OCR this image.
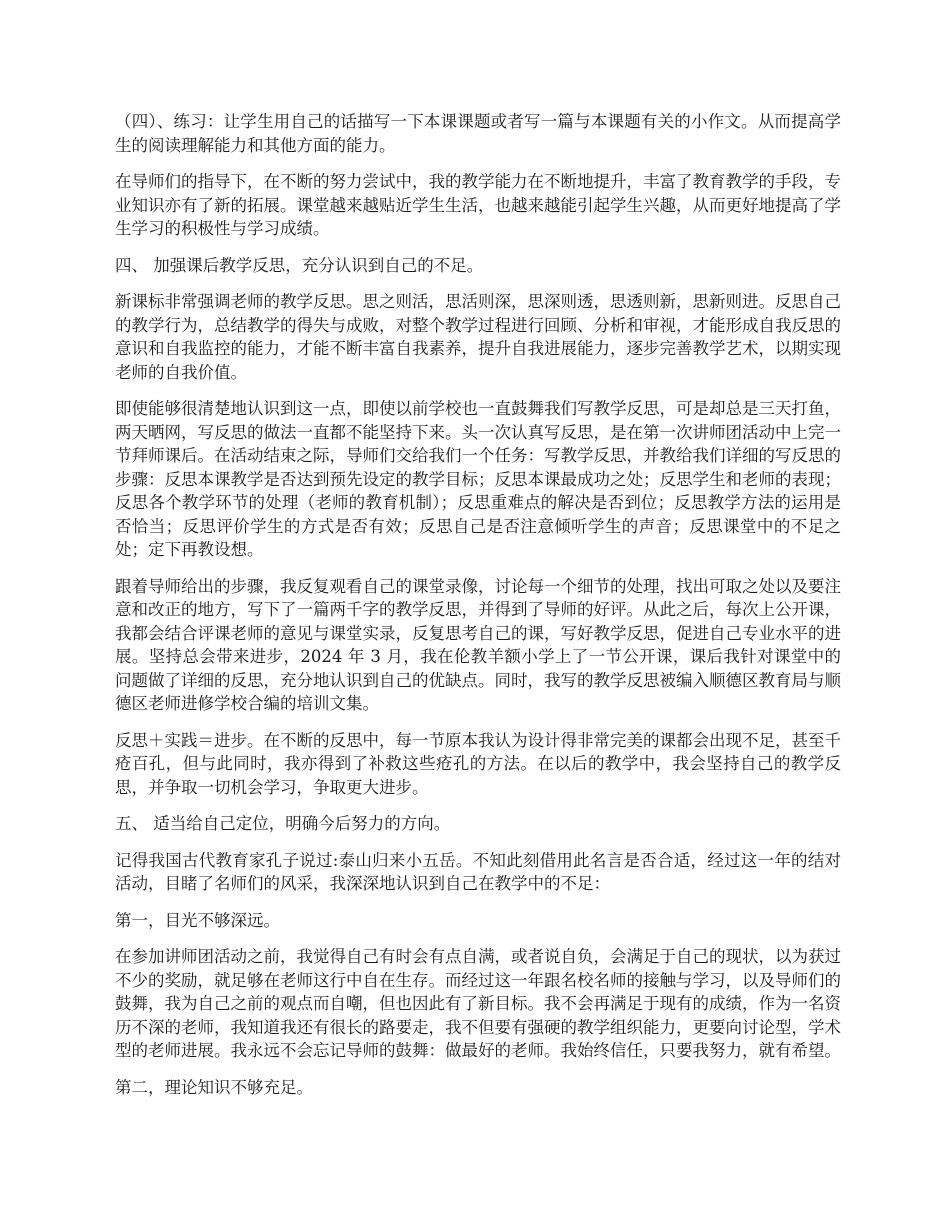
（四）、练习：让学生用自己的话描写一下本课课题或者写一篇与本课题有关的小作文。从而提高学生的阅读理解能力和其他方面的能力。

在导师们的指导下，在不断的努力尝试中，我的教学能力在不断地提升，丰富了教育教学的手段，专业知识亦有了新的拓展。课堂越来越贴近学生生活，也越来越能引起学生兴趣，从而更好地提高了学生学习的积极性与学习成绩。

四、 加强课后教学反思，充分认识到自己的不足。

新课标非常强调老师的教学反思。思之则活，思活则深，思深则透，思透则新，思新则进。反思自己的教学行为，总结教学的得失与成败，对整个教学过程进行回顾、分析和审视，才能形成自我反思的意识和自我监控的能力，才能不断丰富自我素养，提升自我进展能力，逐步完善教学艺术，以期实现老师的自我价值。

即使能够很清楚地认识到这一点，即使以前学校也一直鼓舞我们写教学反思，可是却总是三天打鱼，两天晒网，写反思的做法一直都不能坚持下来。头一次认真写反思，是在第一次讲师团活动中上完一节拜师课后。在活动结束之际，导师们交给我们一个任务：写教学反思，并教给我们详细的写反思的步骤：反思本课教学是否达到预先设定的教学目标；反思本课最成功之处；反思学生和老师的表现；反思各个教学环节的处理（老师的教育机制）；反思重难点的解决是否到位；反思教学方法的运用是否恰当；反思评价学生的方式是否有效；反思自己是否注意倾听学生的声音；反思课堂中的不足之处；定下再教设想。

跟着导师给出的步骤，我反复观看自己的课堂录像，讨论每一个细节的处理，找出可取之处以及要注意和改正的地方，写下了一篇两千字的教学反思，并得到了导师的好评。从此之后，每次上公开课，我都会结合评课老师的意见与课堂实录，反复思考自己的课，写好教学反思，促进自己专业水平的进展。坚持总会带来进步，2024 年 3 月，我在伦教羊额小学上了一节公开课，课后我针对课堂中的问题做了详细的反思，充分地认识到自己的优缺点。同时，我写的教学反思被编入顺德区教育局与顺德区老师进修学校合编的培训文集。

反思＋实践＝进步。在不断的反思中，每一节原本我认为设计得非常完美的课都会出现不足，甚至千疮百孔，但与此同时，我亦得到了补救这些疮孔的方法。在以后的教学中，我会坚持自己的教学反思，并争取一切机会学习，争取更大进步。

五、 适当给自己定位，明确今后努力的方向。

记得我国古代教育家孔子说过:泰山归来小五岳。不知此刻借用此名言是否合适，经过这一年的结对活动，目睹了名师们的风采，我深深地认识到自己在教学中的不足：

第一，目光不够深远。

在参加讲师团活动之前，我觉得自己有时会有点自满，或者说自负，会满足于自己的现状，以为获过不少的奖励，就足够在老师这行中自在生存。而经过这一年跟名校名师的接触与学习，以及导师们的鼓舞，我为自己之前的观点而自嘲，但也因此有了新目标。我不会再满足于现有的成绩，作为一名资历不深的老师，我知道我还有很长的路要走，我不但要有强硬的教学组织能力，更要向讨论型，学术型的老师进展。我永远不会忘记导师的鼓舞：做最好的老师。我始终信任，只要我努力，就有希望。

第二，理论知识不够充足。
